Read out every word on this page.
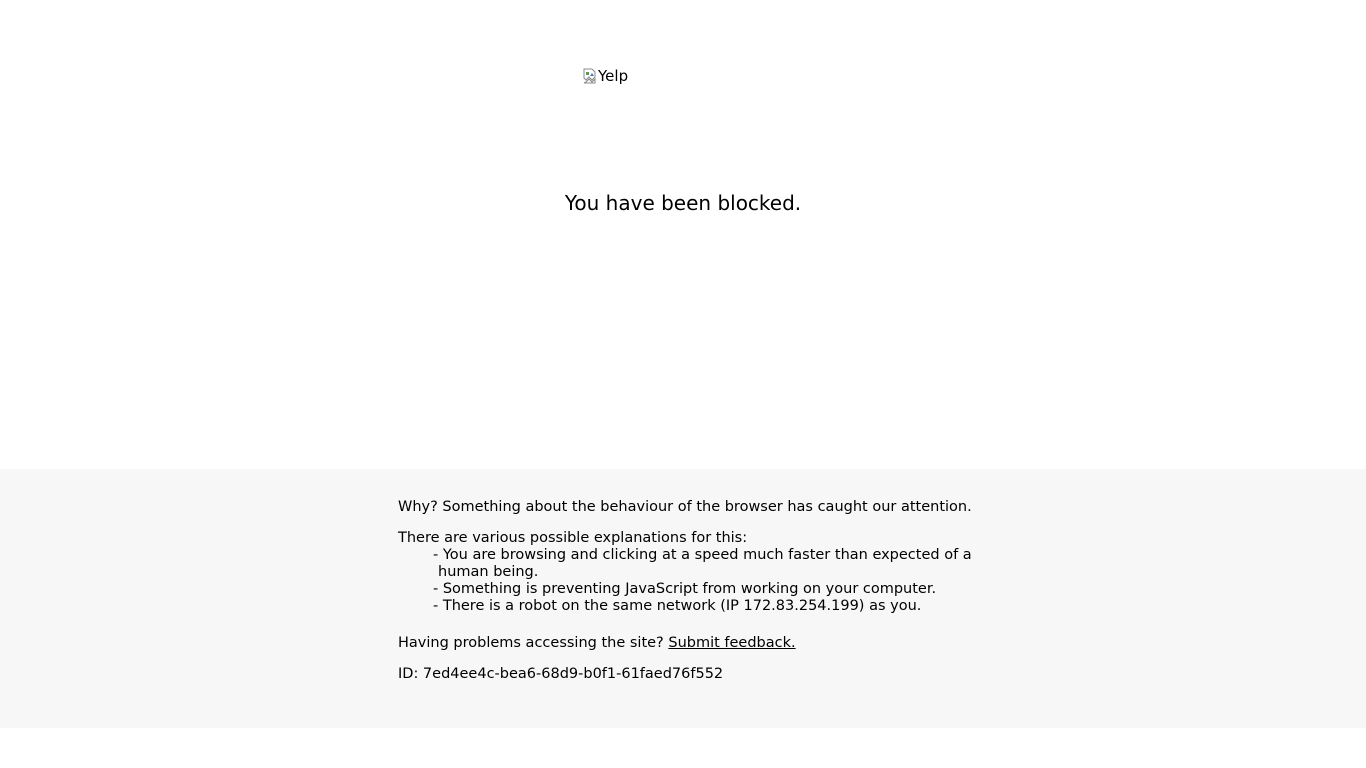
Yelp
You have been blocked.

Why? Something about the behaviour of the browser has caught our attention.

There are various possible explanations for this:

- You are browsing and clicking at a speed much faster than expected of a
human being.
- Something is preventing JavaScript from working on your computer.
- There is a robot on the same network (IP 172.83.254.199) as you.

Having problems accessing the site? Submit feedback.

ID: 7ed4ee4c-bea6-68d9-b0f1-61faed76f552
